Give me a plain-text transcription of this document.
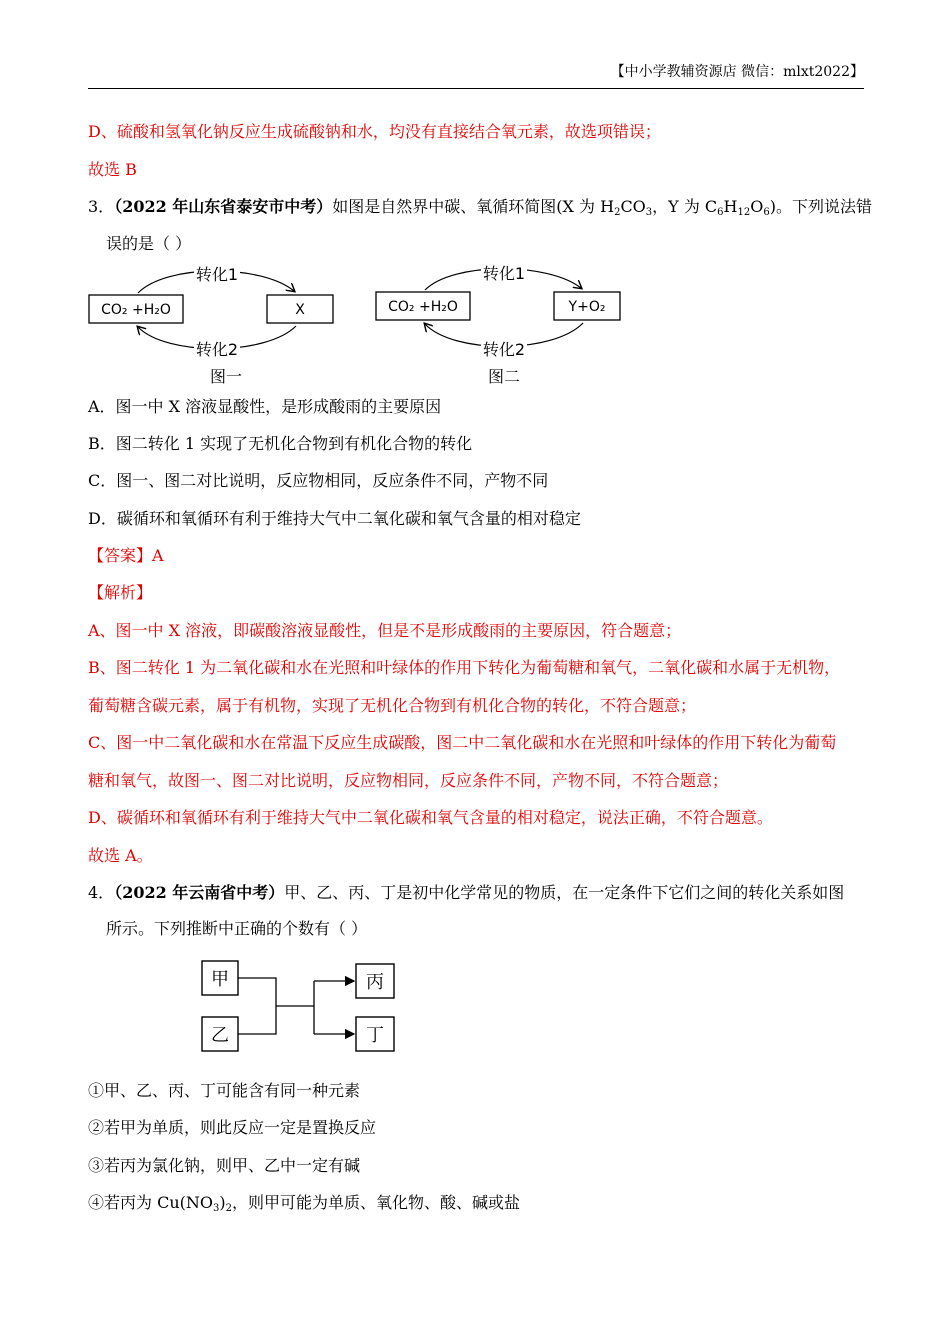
【中小学教辅资源店 微信：mlxt2022】
D、硫酸和氢氧化钠反应生成硫酸钠和水，均没有直接结合氧元素，故选项错误；
故选 B
3．（2022 年山东省泰安市中考）如图是自然界中碳、氧循环简图(X 为 $H_2CO_3$，Y 为 $C_6H_{12}O_6$)。下列说法错
误的是（ ）
CO₂ +H₂O	X
转化1
转化2
图一
CO₂ +H₂O	Y+O₂
转化1
转化2
图二
A．图一中 X 溶液显酸性，是形成酸雨的主要原因
B．图二转化 1 实现了无机化合物到有机化合物的转化
C．图一、图二对比说明，反应物相同，反应条件不同，产物不同
D．碳循环和氧循环有利于维持大气中二氧化碳和氧气含量的相对稳定
【答案】A
【解析】
A、图一中 X 溶液，即碳酸溶液显酸性，但是不是形成酸雨的主要原因，符合题意；
B、图二转化 1 为二氧化碳和水在光照和叶绿体的作用下转化为葡萄糖和氧气，二氧化碳和水属于无机物，
葡萄糖含碳元素，属于有机物，实现了无机化合物到有机化合物的转化，不符合题意；
C、图一中二氧化碳和水在常温下反应生成碳酸，图二中二氧化碳和水在光照和叶绿体的作用下转化为葡萄
糖和氧气，故图一、图二对比说明，反应物相同，反应条件不同，产物不同，不符合题意；
D、碳循环和氧循环有利于维持大气中二氧化碳和氧气含量的相对稳定，说法正确，不符合题意。
故选 A。
4．（2022 年云南省中考）甲、乙、丙、丁是初中化学常见的物质，在一定条件下它们之间的转化关系如图
所示。下列推断中正确的个数有（ ）
甲
乙
丙
丁
①甲、乙、丙、丁可能含有同一种元素
②若甲为单质，则此反应一定是置换反应
③若丙为氯化钠，则甲、乙中一定有碱
④若丙为 $Cu(NO_3)_2$，则甲可能为单质、氧化物、酸、碱或盐
